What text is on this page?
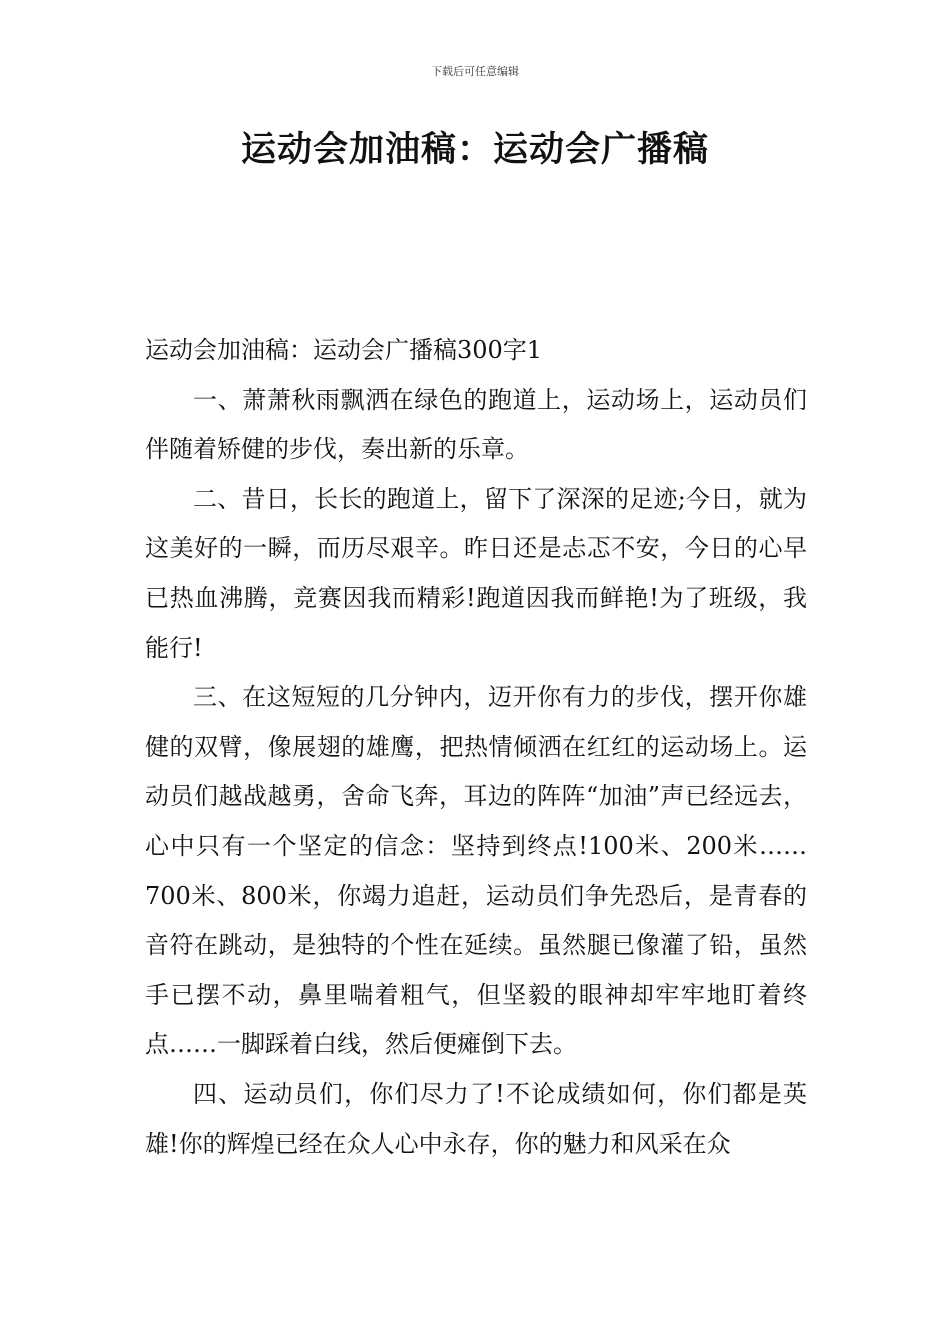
下载后可任意编辑
运动会加油稿：运动会广播稿

运动会加油稿：运动会广播稿300字1

一、萧萧秋雨飘洒在绿色的跑道上，运动场上，运动员们伴随着矫健的步伐，奏出新的乐章。

二、昔日，长长的跑道上，留下了深深的足迹;今日，就为这美好的一瞬，而历尽艰辛。昨日还是忐忑不安，今日的心早已热血沸腾，竞赛因我而精彩!跑道因我而鲜艳!为了班级，我能行!

三、在这短短的几分钟内，迈开你有力的步伐，摆开你雄健的双臂，像展翅的雄鹰，把热情倾洒在红红的运动场上。运动员们越战越勇，舍命飞奔，耳边的阵阵“加油”声已经远去，心中只有一个坚定的信念：坚持到终点!100米、200米……700米、800米，你竭力追赶，运动员们争先恐后，是青春的音符在跳动，是独特的个性在延续。虽然腿已像灌了铅，虽然手已摆不动，鼻里喘着粗气，但坚毅的眼神却牢牢地盯着终点……一脚踩着白线，然后便瘫倒下去。

四、运动员们，你们尽力了!不论成绩如何，你们都是英雄!你的辉煌已经在众人心中永存，你的魅力和风采在众
